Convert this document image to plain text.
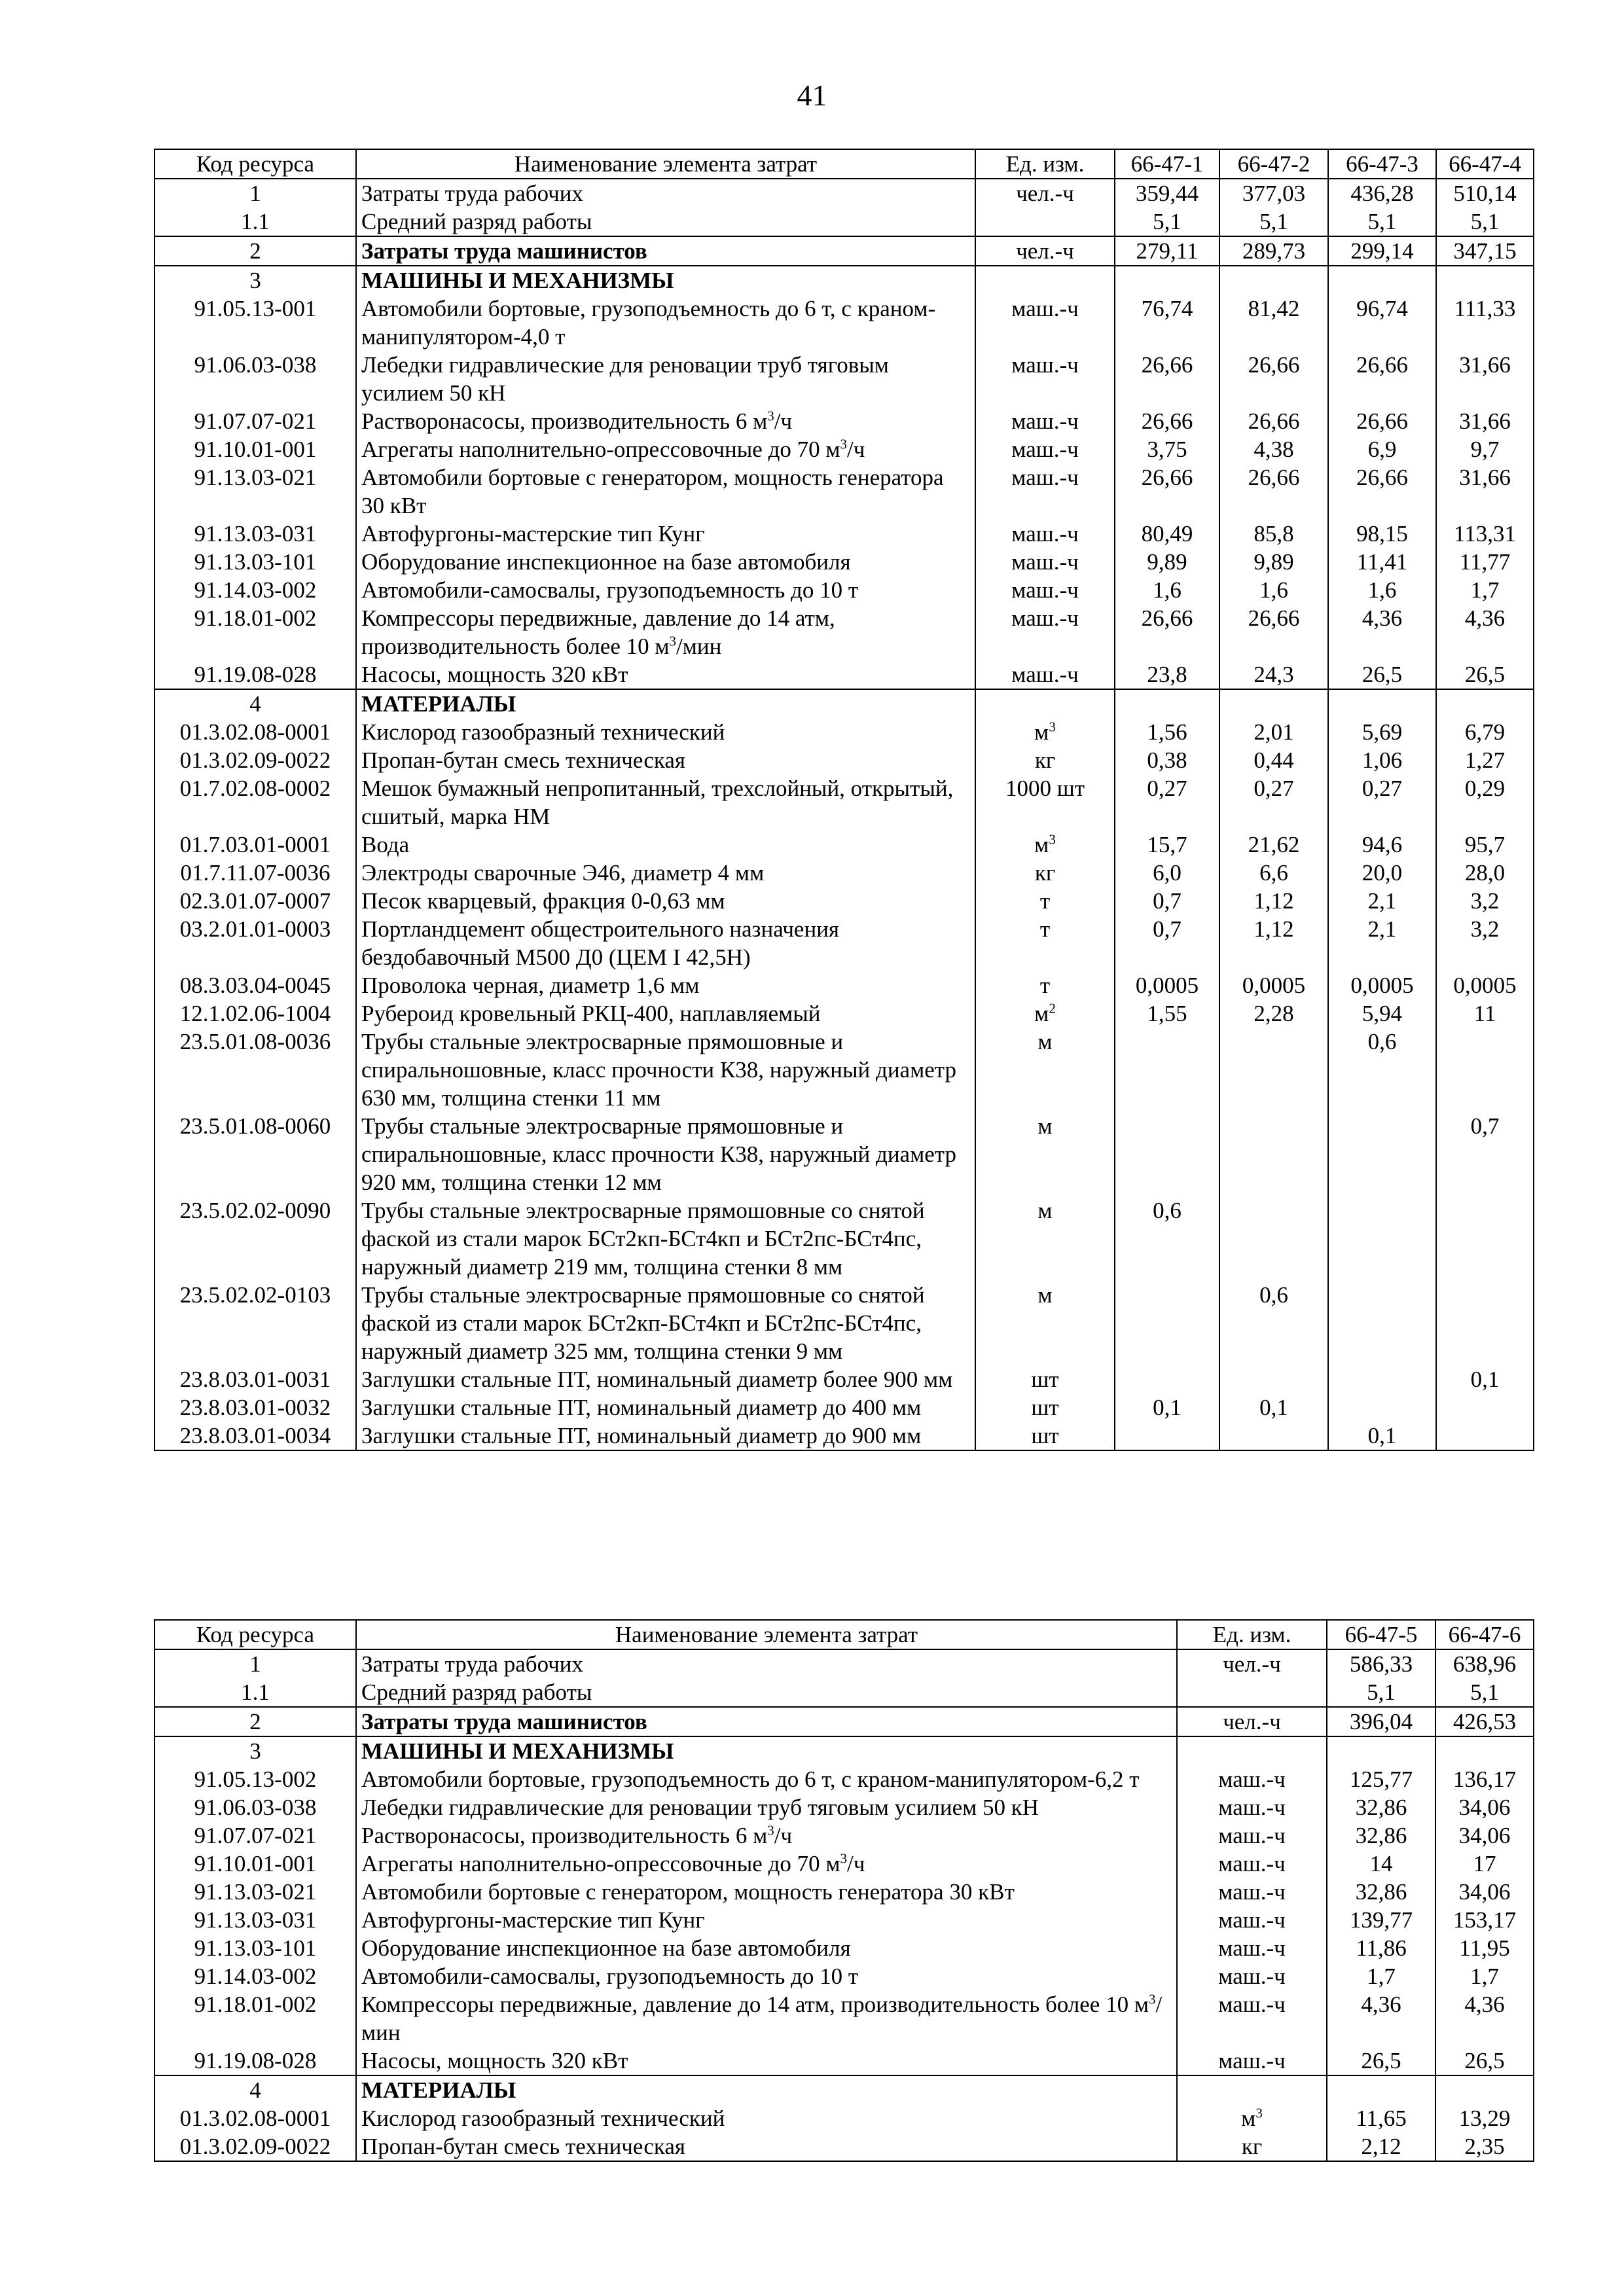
41
Код ресурса	Наименование элемента затрат	Ед. изм.	66-47-1	66-47-2	66-47-3	66-47-4
1	Затраты труда рабочих	чел.-ч	359,44	377,03	436,28	510,14
1.1	Средний разряд работы		5,1	5,1	5,1	5,1
2	Затраты труда машинистов	чел.-ч	279,11	289,73	299,14	347,15
3	МАШИНЫ И МЕХАНИЗМЫ					
91.05.13-001	Автомобили бортовые, грузоподъемность до 6 т, с краном-манипулятором-4,0 т	маш.-ч	76,74	81,42	96,74	111,33
91.06.03-038	Лебедки гидравлические для реновации труб тяговым усилием 50 кН	маш.-ч	26,66	26,66	26,66	31,66
91.07.07-021	Растворонасосы, производительность 6 $м^3/ч$	маш.-ч	26,66	26,66	26,66	31,66
91.10.01-001	Агрегаты наполнительно-опрессовочные до 70 $м^3/ч$	маш.-ч	3,75	4,38	6,9	9,7
91.13.03-021	Автомобили бортовые с генератором, мощность генератора 30 кВт	маш.-ч	26,66	26,66	26,66	31,66
91.13.03-031	Автофургоны-мастерские тип Кунг	маш.-ч	80,49	85,8	98,15	113,31
91.13.03-101	Оборудование инспекционное на базе автомобиля	маш.-ч	9,89	9,89	11,41	11,77
91.14.03-002	Автомобили-самосвалы, грузоподъемность до 10 т	маш.-ч	1,6	1,6	1,6	1,7
91.18.01-002	Компрессоры передвижные, давление до 14 атм, производительность более 10 $м^3$/мин	маш.-ч	26,66	26,66	4,36	4,36
91.19.08-028	Насосы, мощность 320 кВт	маш.-ч	23,8	24,3	26,5	26,5
4	МАТЕРИАЛЫ					
01.3.02.08-0001	Кислород газообразный технический	$м^3$	1,56	2,01	5,69	6,79
01.3.02.09-0022	Пропан-бутан смесь техническая	кг	0,38	0,44	1,06	1,27
01.7.02.08-0002	Мешок бумажный непропитанный, трехслойный, открытый, сшитый, марка НМ	1000 шт	0,27	0,27	0,27	0,29
01.7.03.01-0001	Вода	$м^3$	15,7	21,62	94,6	95,7
01.7.11.07-0036	Электроды сварочные Э46, диаметр 4 мм	кг	6,0	6,6	20,0	28,0
02.3.01.07-0007	Песок кварцевый, фракция 0-0,63 мм	т	0,7	1,12	2,1	3,2
03.2.01.01-0003	Портландцемент общестроительного назначения бездобавочный М500 Д0 (ЦЕМ I 42,5Н)	т	0,7	1,12	2,1	3,2
08.3.03.04-0045	Проволока черная, диаметр 1,6 мм	т	0,0005	0,0005	0,0005	0,0005
12.1.02.06-1004	Рубероид кровельный РКЦ-400, наплавляемый	$м^2$	1,55	2,28	5,94	11
23.5.01.08-0036	Трубы стальные электросварные прямошовные и спиральношовные, класс прочности К38, наружный диаметр 630 мм, толщина стенки 11 мм	м			0,6	
23.5.01.08-0060	Трубы стальные электросварные прямошовные и спиральношовные, класс прочности К38, наружный диаметр 920 мм, толщина стенки 12 мм	м				0,7
23.5.02.02-0090	Трубы стальные электросварные прямошовные со снятой фаской из стали марок БСт2кп-БСт4кп и БСт2пс-БСт4пс, наружный диаметр 219 мм, толщина стенки 8 мм	м	0,6			
23.5.02.02-0103	Трубы стальные электросварные прямошовные со снятой фаской из стали марок БСт2кп-БСт4кп и БСт2пс-БСт4пс, наружный диаметр 325 мм, толщина стенки 9 мм	м		0,6		
23.8.03.01-0031	Заглушки стальные ПТ, номинальный диаметр более 900 мм	шт				0,1
23.8.03.01-0032	Заглушки стальные ПТ, номинальный диаметр до 400 мм	шт	0,1	0,1		
23.8.03.01-0034	Заглушки стальные ПТ, номинальный диаметр до 900 мм	шт			0,1	
Код ресурса	Наименование элемента затрат	Ед. изм.	66-47-5	66-47-6
1	Затраты труда рабочих	чел.-ч	586,33	638,96
1.1	Средний разряд работы		5,1	5,1
2	Затраты труда машинистов	чел.-ч	396,04	426,53
3	МАШИНЫ И МЕХАНИЗМЫ			
91.05.13-002	Автомобили бортовые, грузоподъемность до 6 т, с краном-манипулятором-6,2 т	маш.-ч	125,77	136,17
91.06.03-038	Лебедки гидравлические для реновации труб тяговым усилием 50 кН	маш.-ч	32,86	34,06
91.07.07-021	Растворонасосы, производительность 6 $м^3/ч$	маш.-ч	32,86	34,06
91.10.01-001	Агрегаты наполнительно-опрессовочные до 70 $м^3/ч$	маш.-ч	14	17
91.13.03-021	Автомобили бортовые с генератором, мощность генератора 30 кВт	маш.-ч	32,86	34,06
91.13.03-031	Автофургоны-мастерские тип Кунг	маш.-ч	139,77	153,17
91.13.03-101	Оборудование инспекционное на базе автомобиля	маш.-ч	11,86	11,95
91.14.03-002	Автомобили-самосвалы, грузоподъемность до 10 т	маш.-ч	1,7	1,7
91.18.01-002	Компрессоры передвижные, давление до 14 атм, производительность более 10 $м^3$/мин	маш.-ч	4,36	4,36
91.19.08-028	Насосы, мощность 320 кВт	маш.-ч	26,5	26,5
4	МАТЕРИАЛЫ			
01.3.02.08-0001	Кислород газообразный технический	$м^3$	11,65	13,29
01.3.02.09-0022	Пропан-бутан смесь техническая	кг	2,12	2,35
